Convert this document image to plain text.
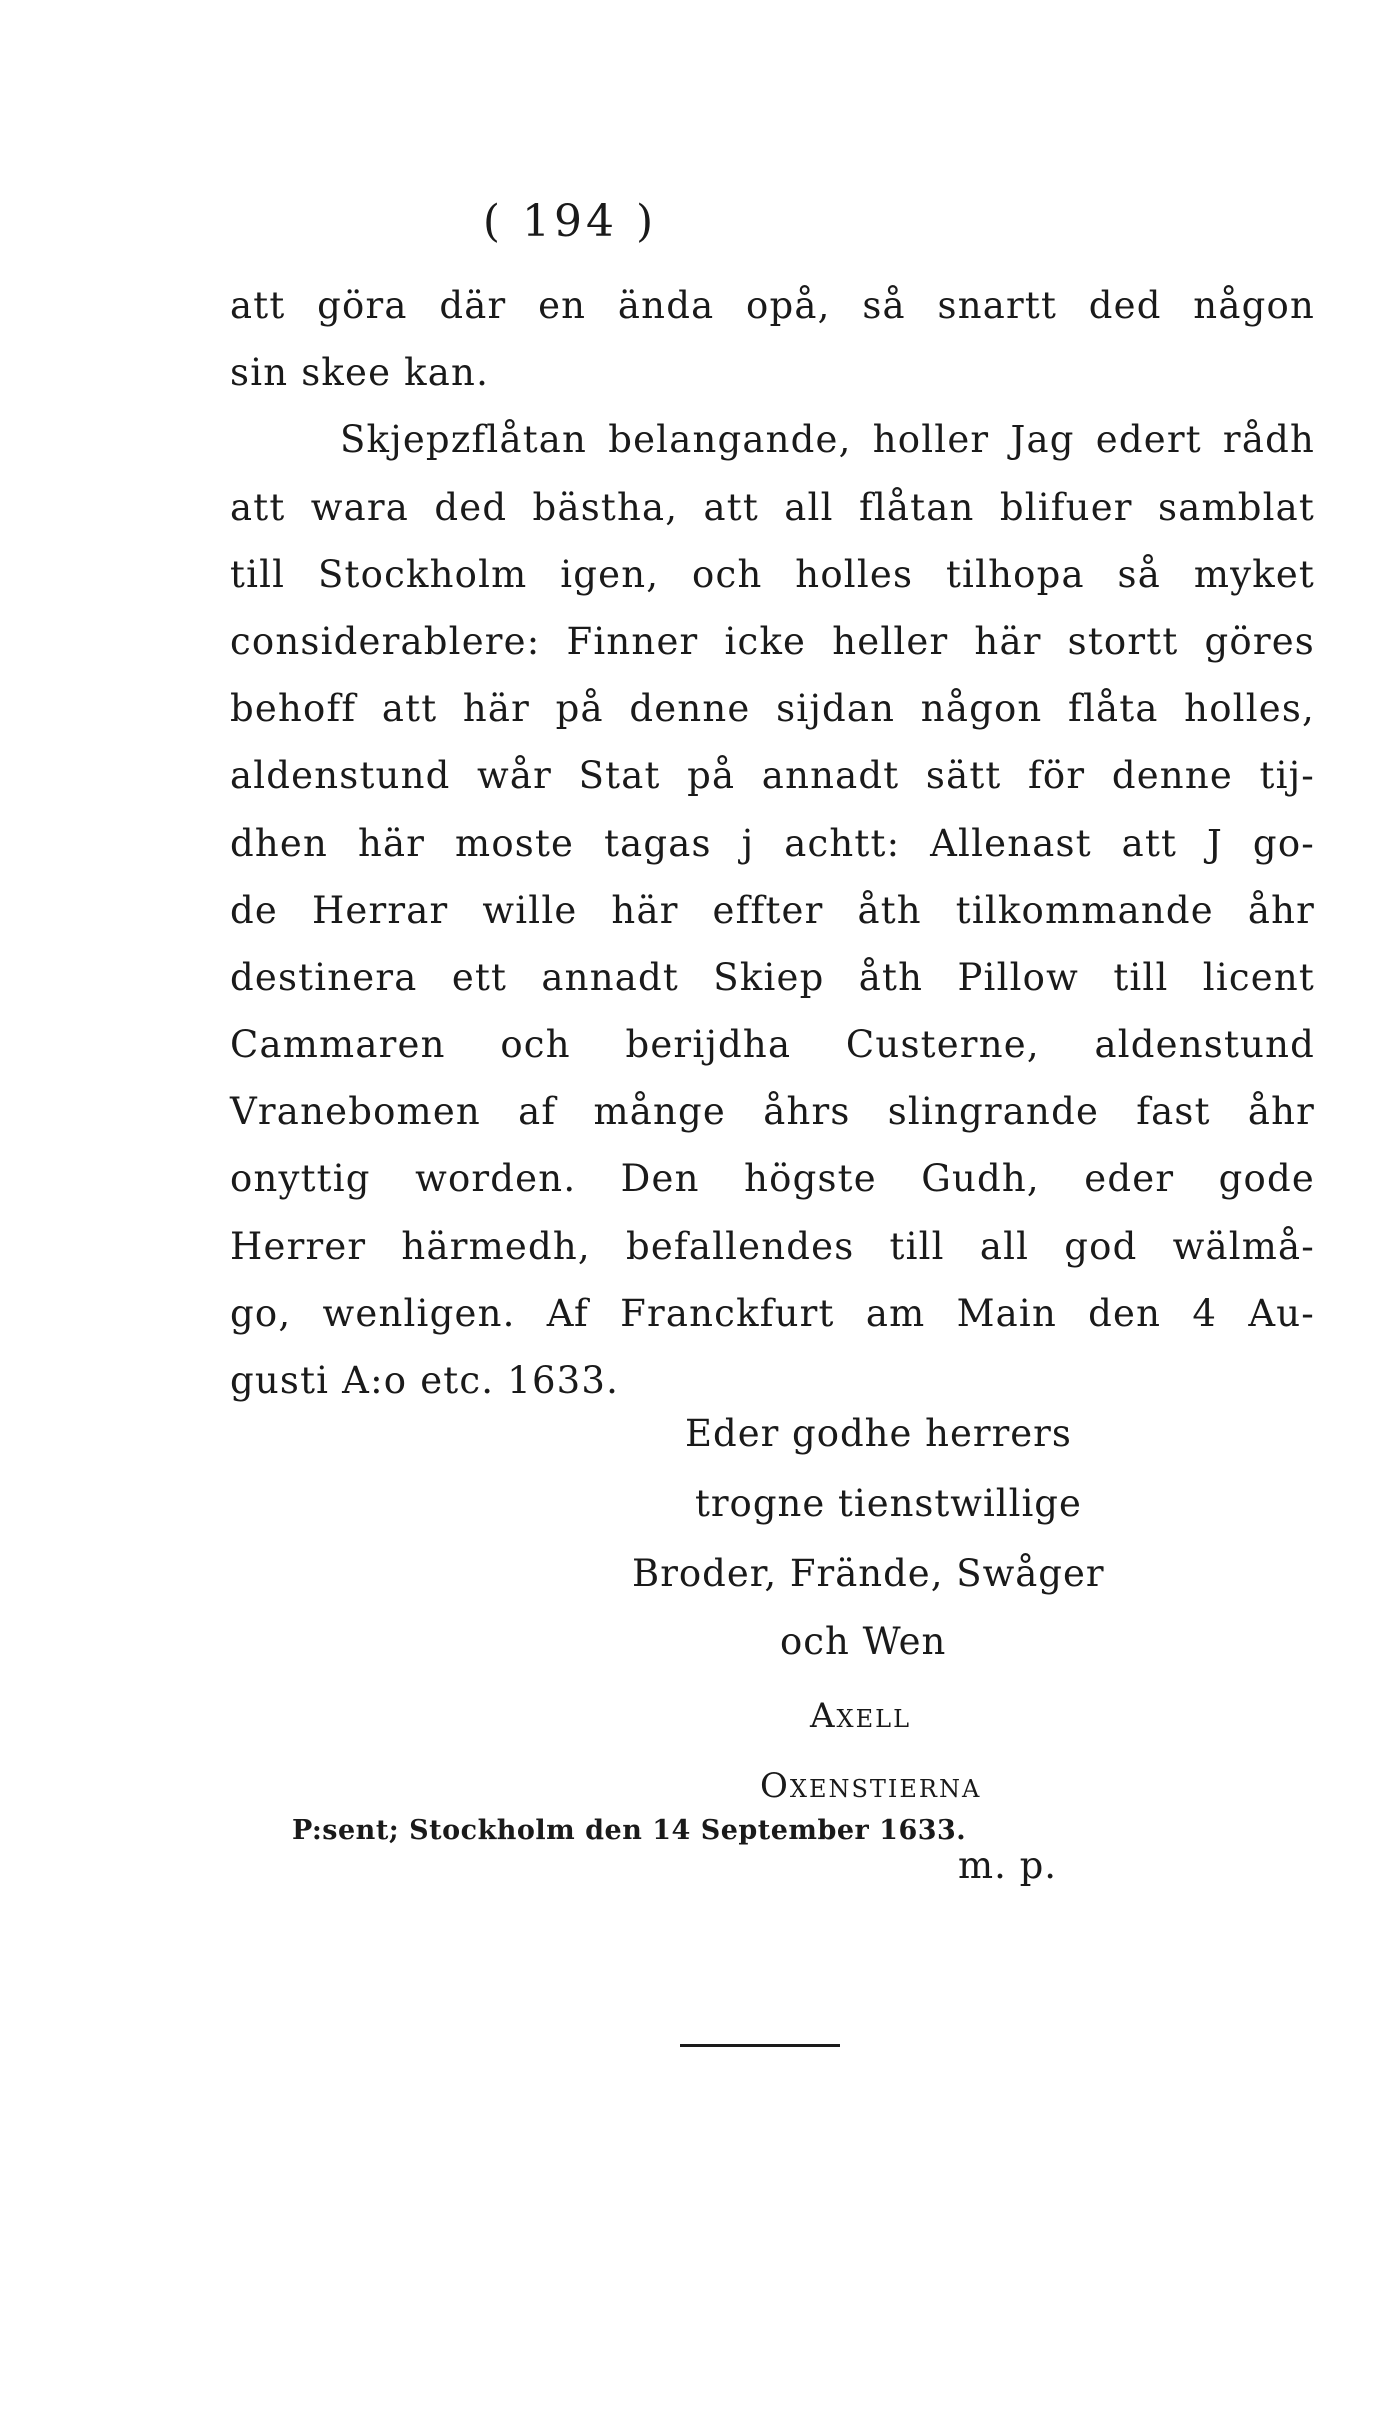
( 194 )
att göra där en ända opå, så snartt ded någon
sin skee kan.
Skjepzflåtan belangande, holler Jag edert rådh
att wara ded bästha, att all flåtan blifuer samblat
till Stockholm igen, och holles tilhopa så myket
considerablere: Finner icke heller här stortt göres
behoff att här på denne sijdan någon flåta holles,
aldenstund wår Stat på annadt sätt för denne tij-
dhen här moste tagas j achtt: Allenast att J go-
de Herrar wille här effter åth tilkommande åhr
destinera ett annadt Skiep åth Pillow till licent
Cammaren och berijdha Custerne, aldenstund
Vranebomen af månge åhrs slingrande fast åhr
onyttig worden. Den högste Gudh, eder gode
Herrer härmedh, befallendes till all god wälmå-
go, wenligen. Af Franckfurt am Main den 4 Au-
gusti A:o etc. 1633.
Eder godhe herrers
trogne tienstwillige
Broder, Frände, Swåger
och Wen
Axell
Oxenstierna
m. p.
P:sent; Stockholm den 14 September 1633.
